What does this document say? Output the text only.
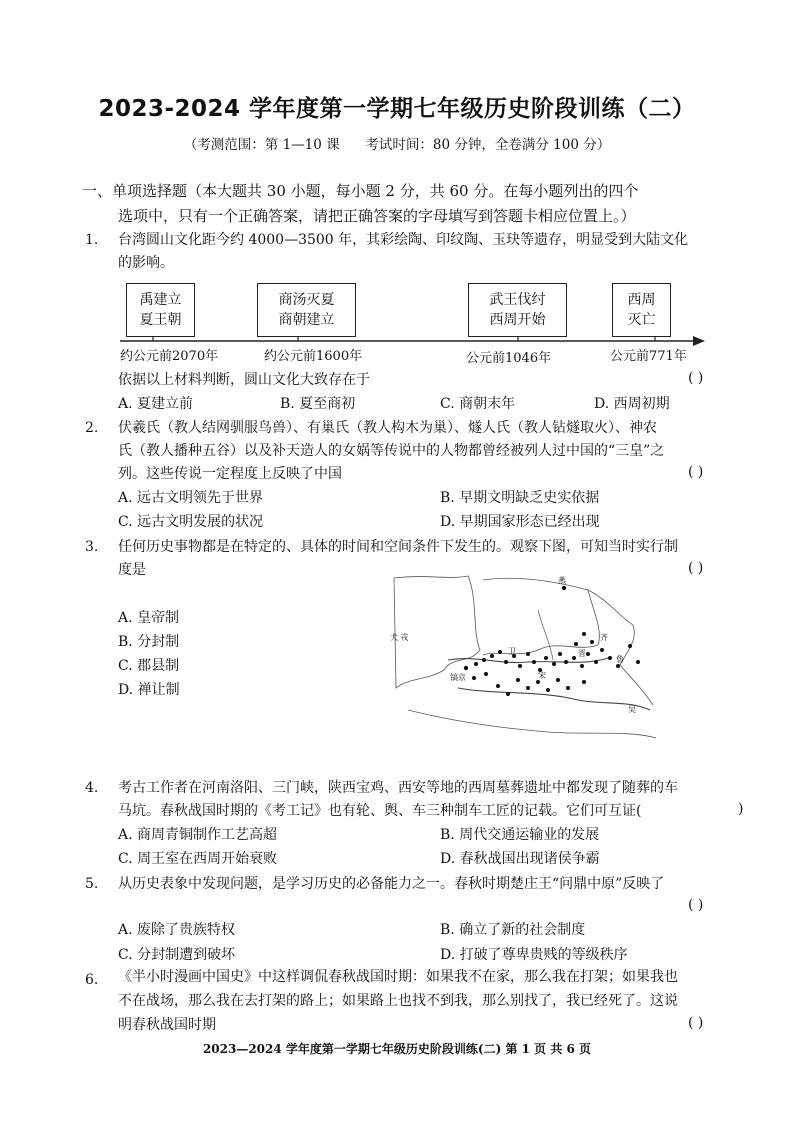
2023-2024 学年度第一学期七年级历史阶段训练（二）
（考测范围：第 1—10 课 考试时间：80 分钟，全卷满分 100 分）
一、单项选择题（本大题共 30 小题，每小题 2 分，共 60 分。在每小题列出的四个
选项中，只有一个正确答案，请把正确答案的字母填写到答题卡相应位置上。）
1. 台湾圆山文化距今约 4000—3500 年，其彩绘陶、印纹陶、玉玦等遗存，明显受到大陆文化
的影响。
禹建立
夏王朝
商汤灭夏
商朝建立
武王伐纣
西周开始
西周
灭亡
约公元前2070年	约公元前1600年	公元前1046年	公元前771年
依据以上材料判断，圆山文化大致存在于	( )
A. 夏建立前	B. 夏至商初	C. 商朝末年	D. 西周初期
2. 伏羲氏（教人结网驯服鸟兽）、有巢氏（教人构木为巢）、燧人氏（教人钻燧取火）、神农
氏（教人播种五谷）以及补天造人的女娲等传说中的人物都曾经被列人过中国的“三皇”之
列。这些传说一定程度上反映了中国	( )
A. 远古文明领先于世界	B. 早期文明缺乏史实依据
C. 远古文明发展的状况	D. 早期国家形态已经出现
3. 任何历史事物都是在特定的、具体的时间和空间条件下发生的。观察下图，可知当时实行制
度是	( )
A. 皇帝制
B. 分封制
C. 郡县制
D. 禅让制
燕
犬 戎	齐
晋
镐京	宋
卫
吴
鲁
4. 考古工作者在河南洛阳、三门峡，陕西宝鸡、西安等地的西周墓葬遗址中都发现了随葬的车
马坑。春秋战国时期的《考工记》也有轮、舆、车三种制车工匠的记载。它们可互证(	)
A. 商周青铜制作工艺高超	B. 周代交通运输业的发展
C. 周王室在西周开始衰败	D. 春秋战国出现诸侯争霸
5. 从历史表象中发现问题，是学习历史的必备能力之一。春秋时期楚庄王“问鼎中原”反映了
( )
A. 废除了贵族特权	B. 确立了新的社会制度
C. 分封制遭到破坏	D. 打破了尊卑贵贱的等级秩序
6. 《半小时漫画中国史》中这样调侃春秋战国时期：如果我不在家，那么我在打架；如果我也
不在战场，那么我在去打架的路上；如果路上也找不到我，那么别找了，我已经死了。这说
明春秋战国时期	( )
2023—2024 学年度第一学期七年级历史阶段训练(二) 第 1 页 共 6 页
